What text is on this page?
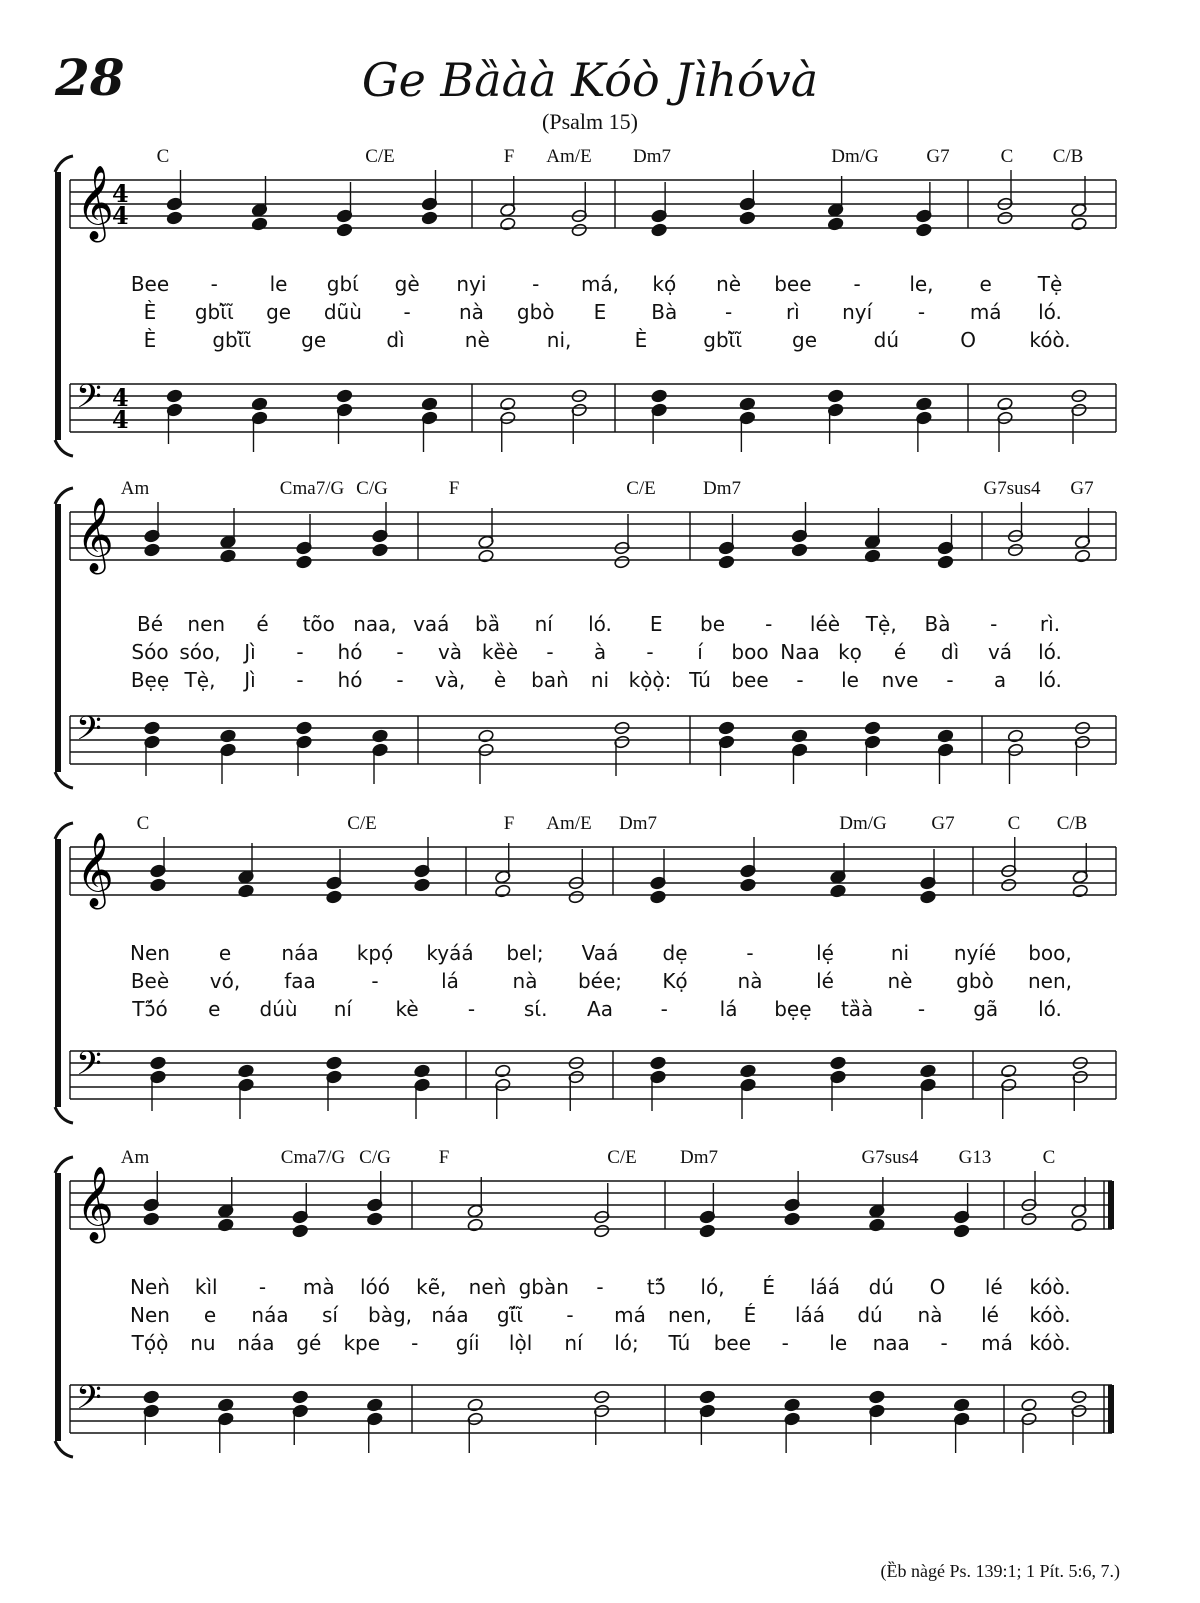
28	Ge Bȁàà Kóò Jìhóvà
(Psalm 15)
𝄞
4
4
𝄢 4
4
𝄞
𝄢
𝄞
𝄢
𝄞
𝄢
C	C/E	F Am/E Dm7	Dm/G	G7	C C/B
Bee -	le gbɩ́ gè nyi - má, kọ́ nè bee - le, e Tẹ̀
È gbɩ̃̀ɩ̃ ge dũù - nà gbò E Bà -	rì nyí - má ló.
È	gbɩ̃̀ɩ̃ ge	dì	nè	ni,	È	gbɩ̃̀ɩ̃ ge	dú	O	kóò.
Am	Cma7/G C/G	F	C/E Dm7	G7sus4 G7
Bé nen é tõo naa, vaá bȁ ní ló. E be - léè Tẹ̀, Bà - rì.
Sóo sóo, Jì - hó - và kȅè - à - í boo Naa kọ é dì vá ló.
Bẹẹ Tẹ̀, Jì - hó - và, è baǹ ni kọ̀ọ̀: Tú bee - le nve - a ló.
C	C/E	F Am/E Dm7	Dm/G G7	C C/B
Nen e	náa kpọ́ kyáá bel; Vaá dẹ	-	lẹ́	ni nyíé boo,
Beè vó, faa	-	lá	nà bée; Kọ́ nà	lé	nè gbò nen,
Tɔ̃́ó e dúù ní kè - sɩ́. Aa -	lá bẹẹ tȁà - gã ló.
Am	Cma7/G C/G	F	C/E Dm7	G7sus4 G13	C
Neǹ kìl - mà lóó kẽ, neǹ gbàn - tɔ̃́ ló, É láá dú O lé kóò.
Nen e náa sí bàg, náa gɩ̃́ɩ̃ - má nen, É láá dú nà lé kóò.
Tọ́ọ̀ nu náa gé kpe - gíi lọ̀l ní ló; Tú bee - le naa - má kóò.
(Ȅb nàgé Ps. 139:1; 1 Pít. 5:6, 7.)
